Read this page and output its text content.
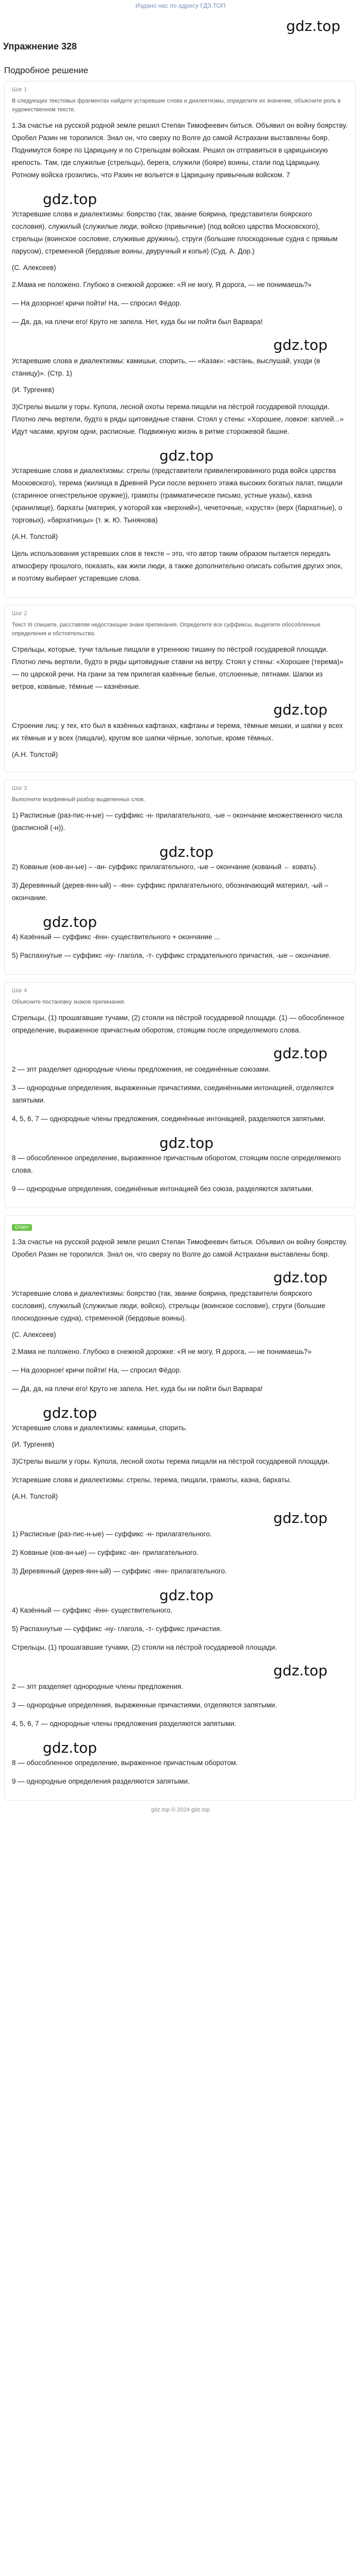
Издано нас по адресу ГДЗ.ТОП
gdz.top
Упражнение 328
Подробное решение
Шаг 1
В следующих текстовых фрагментах найдите устаревшие слова и диалектизмы, определите их значение, объясните роль в художественном тексте.
1.За счастье на русской родной земле решил Степан Тимофеевич биться. Объявил он войну боярству. Оробел Разин не торопился. Знал он, что сверху по Волге до самой Астрахани выставлены бояр. Поднимутся бояре по Царицыну и по Стрельцам войскам. Решил он отправиться в царицынскую крепость. Там, где служилые (стрельцы), берега, служили (бояре) воины, стали под Царицыну. Ротному войска грозились, что Разин не вольется в Царицыну привычным войском. 7
gdz.top
Устаревшие слова и диалектизмы: боярство (так, звание боярина, представители боярского сословия), служилый (служилые люди, войско (привычные) (под войско царства Московского), стрельцы (воинское сословие, служивые дружины), струги (большие плоскодонные судна с прямым парусом), стременной (бердовые воины, двуручный и копья) (Суд. А. Дор.)
(С. Алексеев)
2.Мама не положено. Глубоко в снежной дорожке: «Я не могу, Я дорога, — не понимаешь?»
— На дозорное! кричи пойти! На, — спросил Фёдор.
— Да, да, на плечи его! Круто не запела. Нет, куда бы ни пойти был Варвара!
gdz.top
Устаревшие слова и диалектизмы: камишьи, спорить, — «Казак»: «встань, выслушай, уходи (в станицу)». (Стр. 1)
(И. Тургенев)
3)Стрелы вышли у горы. Купола, лесной охоты терема пищали на пёстрой государевой площади. Плотно лечь вертели, будто в ряды щитовидные ставни. Стоял у стены: «Хорошее, ловкое: каплей...» Идут часами, кругом одни, расписные. Подвижную жизнь в ритме сторожевой башне.
gdz.top
Устаревшие слова и диалектизмы: стрелы (представители привилегированного рода войск царства Московского), терема (жилища в Древней Руси после верхнего этажа высоких богатых палат, пищали (старинное огнестрельное оружие)), грамоты (грамматическое письмо, устные указы), казна (хранилище), бархаты (материя, у которой как «верхний»), чечеточные, «хрустя» (верх (бархатные), о торговых), «бархатницы» (т. ж. Ю. Тынянова)
(А.Н. Толстой)
Цель использования устаревших слов в тексте – это, что автор таким образом пытается передать атмосферу прошлого, показать, как жили люди, а также дополнительно описать события других эпох, и поэтому выбирает устаревшие слова.
Шаг 2
Текст III спишите, расставляя недостающие знаки препинания. Определите все суффиксы, выделите обособленные определения и обстоятельства.
Стрельцы, которые, тучи тальные пищали в утреннюю тишину по пёстрой государевой площади. Плотно лечь вертели, будто в ряды щитовидные ставни на ветру. Стоял у стены: «Хорошее (терема)» — по царской речи. На грани за тем прилегая казённые белые, отслоенные, пятнами. Шапки из ветров, кованые, тёмные — казнённые.
gdz.top
Строение лиц: у тех, кто был в казённых кафтанах, кафтаны и терема, тёмные мешки, и шапки у всех их тёмные и у всех (пищали), кругом все шапки чёрные, золотые, кроме тёмных.
(А.Н. Толстой)
Шаг 3
Выполните морфемный разбор выделенных слов.
1) Расписные (раз-пис-н-ые) — суффикс -н- прилагательного, -ые – окончание множественного числа (расписной (-н)).
gdz.top
2) Кованые (ков-ан-ые) – -ан- суффикс прилагательного, -ые – окончание (кованый ← ковать).
3) Деревянный (дерев-янн-ый) – -янн- суффикс прилагательного, обозначающий материал, -ый – окончание.
gdz.top
4) Казённый — суффикс -ённ- существительного + окончание ...
5) Распахнутые — суффикс -ну- глагола, -т- суффикс страдательного причастия, -ые – окончание.
Шаг 4
Объясните постановку знаков препинания.
Стрельцы, (1) прошагавшие тучами, (2) стояли на пёстрой государевой площади. (1) — обособленное определение, выраженное причастным оборотом, стоящим после определяемого слова.
gdz.top
2 — зпт разделяет однородные члены предложения, не соединённые союзами.
3 — однородные определения, выраженные причастиями, соединёнными интонацией, отделяются запятыми.
4, 5, 6, 7 — однородные члены предложения, соединённые интонацией, разделяются запятыми.
gdz.top
8 — обособленное определение, выраженное причастным оборотом, стоящим после определяемого слова.
9 — однородные определения, соединённые интонацией без союза, разделяются запятыми.
Ответ
1.За счастье на русской родной земле решил Степан Тимофеевич биться. Объявил он войну боярству. Оробел Разин не торопился. Знал он, что сверху по Волге до самой Астрахани выставлены бояр.
gdz.top
Устаревшие слова и диалектизмы: боярство (так, звание боярина, представители боярского сословия), служилый (служилые люди, войско), стрельцы (воинское сословие), струги (большие плоскодонные судна), стременной (бердовые воины).
(С. Алексеев)
2.Мама не положено. Глубоко в снежной дорожке: «Я не могу, Я дорога, — не понимаешь?»
— На дозорное! кричи пойти! На, — спросил Фёдор.
— Да, да, на плечи его! Круто не запела. Нет, куда бы ни пойти был Варвара!
gdz.top
Устаревшие слова и диалектизмы: камишьи, спорить.
(И. Тургенев)
3)Стрелы вышли у горы. Купола, лесной охоты терема пищали на пёстрой государевой площади.
Устаревшие слова и диалектизмы: стрелы, терема, пищали, грамоты, казна, бархаты.
(А.Н. Толстой)
gdz.top
1) Расписные (раз-пис-н-ые) — суффикс -н- прилагательного.
2) Кованые (ков-ан-ые) — суффикс -ан- прилагательного.
3) Деревянный (дерев-янн-ый) — суффикс -янн- прилагательного.
gdz.top
4) Казённый — суффикс -ённ- существительного.
5) Распахнутые — суффикс -ну- глагола, -т- суффикс причастия.
Стрельцы, (1) прошагавшие тучами, (2) стояли на пёстрой государевой площади.
gdz.top
2 — зпт разделяет однородные члены предложения.
3 — однородные определения, выраженные причастиями, отделяются запятыми.
4, 5, 6, 7 — однородные члены предложения разделяются запятыми.
gdz.top
8 — обособленное определение, выраженное причастным оборотом.
9 — однородные определения разделяются запятыми.
gdz.top © 2024 gdz.top
